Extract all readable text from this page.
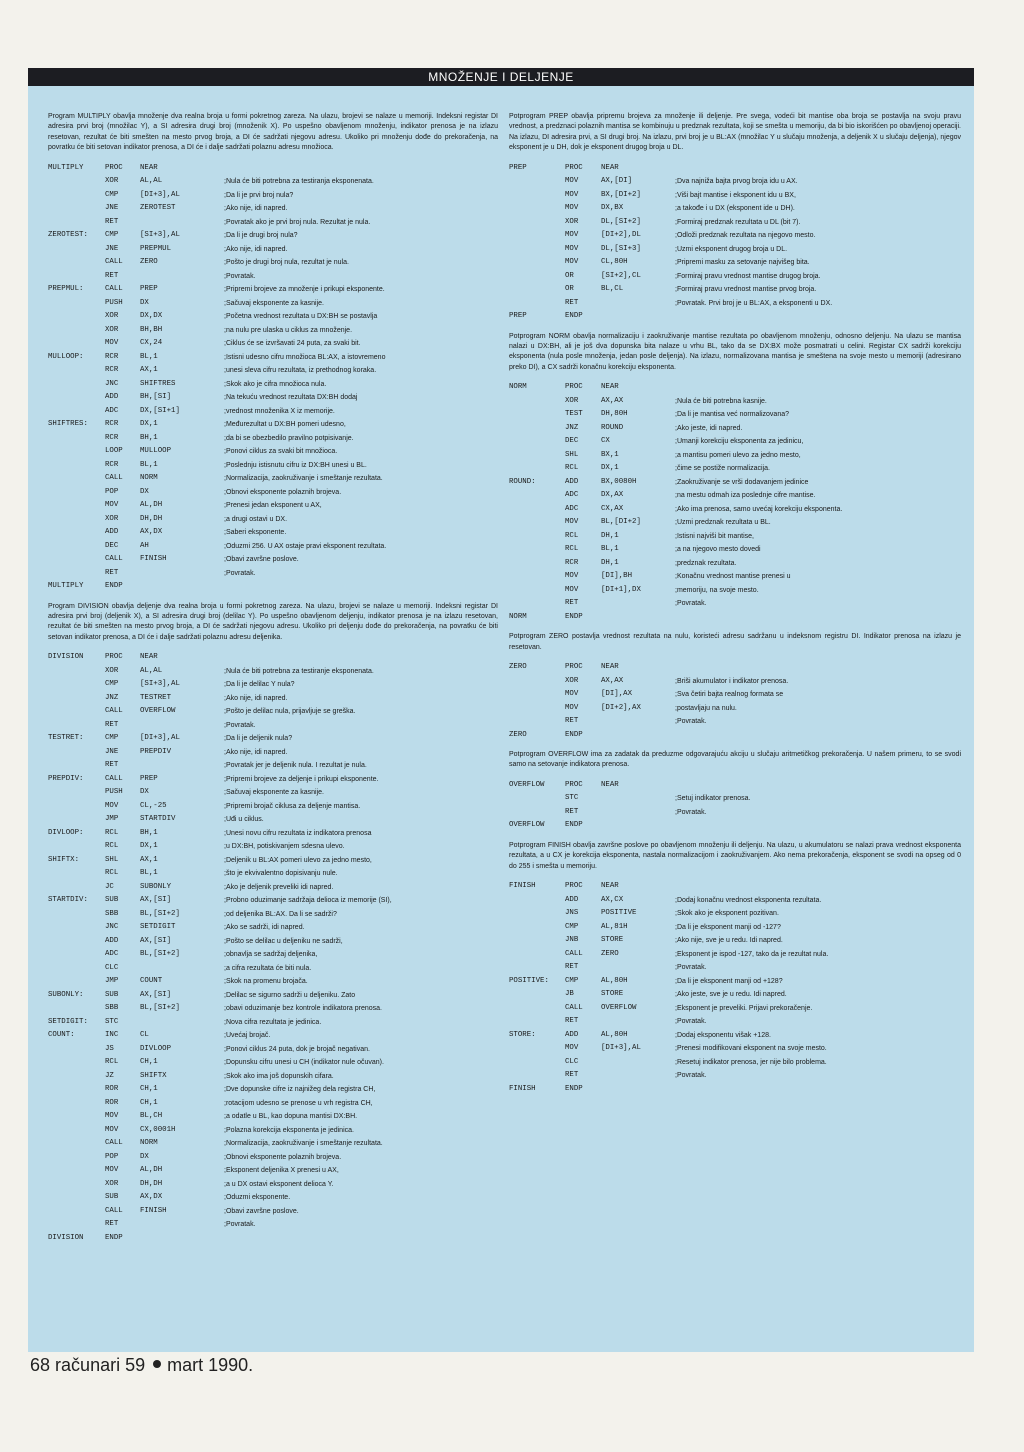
MNOŽENJE I DELJENJE

Program MULTIPLY obavlja množenje dva realna broja u formi pokretnog zareza. Na ulazu, brojevi se nalaze u memoriji. Indeksni registar DI adresira prvi broj (množilac Y), a SI adresira drugi broj (množenik X). Po uspešno obavljenom množenju, indikator prenosa je na izlazu resetovan, rezultat će biti smešten na mesto prvog broja, a DI će sadržati njegovu adresu. Ukoliko pri množenju dođe do prekoračenja, na povratku će biti setovan indikator prenosa, a DI će i dalje sadržati polaznu adresu množioca.

MULTIPLY	PROC NEAR
XOR	AL,AL	;Nula će biti potrebna za testiranja eksponenata.
CMP	[DI+3],AL	;Da li je prvi broj nula?
JNE	ZEROTEST	;Ako nije, idi napred.
RET	;Povratak ako je prvi broj nula. Rezultat je nula.
ZEROTEST: CMP	[SI+3],AL	;Da li je drugi broj nula?
JNE	PREPMUL	;Ako nije, idi napred.
CALL ZERO	;Pošto je drugi broj nula, rezultat je nula.
RET	;Povratak.
PREPMUL:	CALL PREP	;Pripremi brojeve za množenje i prikupi eksponente.
PUSH DX	;Sačuvaj eksponente za kasnije.
XOR	DX,DX	;Početna vrednost rezultata u DX:BH se postavlja
XOR	BH,BH	;na nulu pre ulaska u ciklus za množenje.
MOV	CX,24	;Ciklus će se izvršavati 24 puta, za svaki bit.
MULLOOP:	RCR	BL,1	;Istisni udesno cifru množioca BL:AX, a istovremeno
RCR	AX,1	;unesi sleva cifru rezultata, iz prethodnog koraka.
JNC	SHIFTRES	;Skok ako je cifra množioca nula.
ADD	BH,[SI]	;Na tekuću vrednost rezultata DX:BH dodaj
ADC	DX,[SI+1]	;vrednost množenika X iz memorije.
SHIFTRES: RCR	DX,1	;Međurezultat u DX:BH pomeri udesno,
RCR	BH,1	;da bi se obezbedilo pravilno potpisivanje.
LOOP MULLOOP	;Ponovi ciklus za svaki bit množioca.
RCR	BL,1	;Poslednju istisnutu cifru iz DX:BH unesi u BL.
CALL NORM	;Normalizacija, zaokruživanje i smeštanje rezultata.
POP	DX	;Obnovi eksponente polaznih brojeva.
MOV	AL,DH	;Prenesi jedan eksponent u AX,
XOR	DH,DH	;a drugi ostavi u DX.
ADD	AX,DX	;Saberi eksponente.
DEC	AH	;Oduzmi 256. U AX ostaje pravi eksponent rezultata.
CALL FINISH	;Obavi završne poslove.
RET	;Povratak.
MULTIPLY	ENDP

Program DIVISION obavlja deljenje dva realna broja u formi pokretnog zareza. Na ulazu, brojevi se nalaze u memoriji. Indeksni registar DI adresira prvi broj (deljenik X), a SI adresira drugi broj (delilac Y). Po uspešno obavljenom deljenju, indikator prenosa je na izlazu resetovan, rezultat će biti smešten na mesto prvog broja, a DI će sadržati njegovu adresu. Ukoliko pri deljenju dođe do prekoračenja, na povratku će biti setovan indikator prenosa, a DI će i dalje sadržati polaznu adresu deljenika.

DIVISION	PROC NEAR
XOR	AL,AL	;Nula će biti potrebna za testiranje eksponenata.
CMP	[SI+3],AL	;Da li je delilac Y nula?
JNZ	TESTRET	;Ako nije, idi napred.
CALL OVERFLOW	;Pošto je delilac nula, prijavljuje se greška.
RET	;Povratak.
TESTRET:	CMP	[DI+3],AL	;Da li je deljenik nula?
JNE	PREPDIV	;Ako nije, idi napred.
RET	;Povratak jer je deljenik nula. I rezultat je nula.
PREPDIV:	CALL PREP	;Pripremi brojeve za deljenje i prikupi eksponente.
PUSH DX	;Sačuvaj eksponente za kasnije.
MOV	CL,-25	;Pripremi brojač ciklusa za deljenje mantisa.
JMP	STARTDIV	;Uđi u ciklus.
DIVLOOP:	RCL	BH,1	;Unesi novu cifru rezultata iz indikatora prenosa
RCL	DX,1	;u DX:BH, potiskivanjem sdesna ulevo.
SHIFTX:	SHL	AX,1	;Deljenik u BL:AX pomeri ulevo za jedno mesto,
RCL	BL,1	;što je ekvivalentno dopisivanju nule.
JC	SUBONLY	;Ako je deljenik preveliki idi napred.
STARTDIV: SUB	AX,[SI]	;Probno oduzimanje sadržaja delioca iz memorije (SI),
SBB	BL,[SI+2]	;od deljenika BL:AX. Da li se sadrži?
JNC	SETDIGIT	;Ako se sadrži, idi napred.
ADD	AX,[SI]	;Pošto se delilac u deljeniku ne sadrži,
ADC	BL,[SI+2]	;obnavlja se sadržaj deljenika,
CLC	;a cifra rezultata će biti nula.
JMP	COUNT	;Skok na promenu brojača.
SUBONLY:	SUB	AX,[SI]	;Delilac se sigurno sadrži u deljeniku. Zato
SBB	BL,[SI+2]	;obavi oduzimanje bez kontrole indikatora prenosa.
SETDIGIT: STC	;Nova cifra rezultata je jedinica.
COUNT:	INC	CL	;Uvećaj brojač.
JS	DIVLOOP	;Ponovi ciklus 24 puta, dok je brojač negativan.
RCL	CH,1	;Dopunsku cifru unesi u CH (indikator nule očuvan).
JZ	SHIFTX	;Skok ako ima još dopunskih cifara.
ROR	CH,1	;Dve dopunske cifre iz najnižeg dela registra CH,
ROR	CH,1	;rotacijom udesno se prenose u vrh registra CH,
MOV	BL,CH	;a odatle u BL, kao dopuna mantisi DX:BH.
MOV	CX,0001H	;Polazna korekcija eksponenta je jedinica.
CALL NORM	;Normalizacija, zaokruživanje i smeštanje rezultata.
POP	DX	;Obnovi eksponente polaznih brojeva.
MOV	AL,DH	;Eksponent deljenika X prenesi u AX,
XOR	DH,DH	;a u DX ostavi eksponent delioca Y.
SUB	AX,DX	;Oduzmi eksponente.
CALL FINISH	;Obavi završne poslove.
RET	;Povratak.
DIVISION	ENDP

Potprogram PREP obavlja pripremu brojeva za množenje ili deljenje. Pre svega, vodeći bit mantise oba broja se postavlja na svoju pravu vrednost, a predznaci polaznih mantisa se kombinuju u predznak rezultata, koji se smešta u memoriju, da bi bio iskorišćen po obavljenoj operaciji. Na izlazu, DI adresira prvi, a SI drugi broj. Na izlazu, prvi broj je u BL:AX (množilac Y u slučaju množenja, a deljenik X u slučaju deljenja), njegov eksponent je u DH, dok je eksponent drugog broja u DL.

PREP	PROC NEAR
MOV	AX,[DI]	;Dva najniža bajta prvog broja idu u AX.
MOV	BX,[DI+2]	;Viši bajt mantise i eksponent idu u BX,
MOV	DX,BX	;a takođe i u DX (eksponent ide u DH).
XOR	DL,[SI+2]	;Formiraj predznak rezultata u DL (bit 7).
MOV	[DI+2],DL	;Odloži predznak rezultata na njegovo mesto.
MOV	DL,[SI+3]	;Uzmi eksponent drugog broja u DL.
MOV	CL,80H	;Pripremi masku za setovanje najvišeg bita.
OR	[SI+2],CL	;Formiraj pravu vrednost mantise drugog broja.
OR	BL,CL	;Formiraj pravu vrednost mantise prvog broja.
RET	;Povratak. Prvi broj je u BL:AX, a eksponenti u DX.
PREP	ENDP

Potprogram NORM obavlja normalizaciju i zaokruživanje mantise rezultata po obavljenom množenju, odnosno deljenju. Na ulazu se mantisa nalazi u DX:BH, ali je još dva dopunska bita nalaze u vrhu BL, tako da se DX:BX može posmatrati u celini. Registar CX sadrži korekciju eksponenta (nula posle množenja, jedan posle deljenja). Na izlazu, normalizovana mantisa je smeštena na svoje mesto u memoriji (adresirano preko DI), a CX sadrži konačnu korekciju eksponenta.

NORM	PROC NEAR
XOR	AX,AX	;Nula će biti potrebna kasnije.
TEST DH,80H	;Da li je mantisa već normalizovana?
JNZ	ROUND	;Ako jeste, idi napred.
DEC	CX	;Umanji korekciju eksponenta za jedinicu,
SHL	BX,1	;a mantisu pomeri ulevo za jedno mesto,
RCL	DX,1	;čime se postiže normalizacija.
ROUND:	ADD	BX,0080H	;Zaokruživanje se vrši dodavanjem jedinice
ADC	DX,AX	;na mestu odmah iza poslednje cifre mantise.
ADC	CX,AX	;Ako ima prenosa, samo uvećaj korekciju eksponenta.
MOV	BL,[DI+2]	;Uzmi predznak rezultata u BL.
RCL	DH,1	;Istisni najviši bit mantise,
RCL	BL,1	;a na njegovo mesto dovedi
RCR	DH,1	;predznak rezultata.
MOV	[DI],BH	;Konačnu vrednost mantise prenesi u
MOV	[DI+1],DX	;memoriju, na svoje mesto.
RET	;Povratak.
NORM	ENDP

Potprogram ZERO postavlja vrednost rezultata na nulu, koristeći adresu sadržanu u indeksnom registru DI. Indikator prenosa na izlazu je resetovan.

ZERO	PROC NEAR
XOR	AX,AX	;Briši akumulator i indikator prenosa.
MOV	[DI],AX	;Sva četiri bajta realnog formata se
MOV	[DI+2],AX	;postavljaju na nulu.
RET	;Povratak.
ZERO	ENDP

Potprogram OVERFLOW ima za zadatak da preduzme odgovarajuću akciju u slučaju aritmetičkog prekoračenja. U našem primeru, to se svodi samo na setovanje indikatora prenosa.

OVERFLOW	PROC NEAR
STC	;Setuj indikator prenosa.
RET	;Povratak.
OVERFLOW	ENDP

Potprogram FINISH obavlja završne poslove po obavljenom množenju ili deljenju. Na ulazu, u akumulatoru se nalazi prava vrednost eksponenta rezultata, a u CX je korekcija eksponenta, nastala normalizacijom i zaokruživanjem. Ako nema prekoračenja, eksponent se svodi na opseg od 0 do 255 i smešta u memoriju.

FINISH	PROC NEAR
ADD	AX,CX	;Dodaj konačnu vrednost eksponenta rezultata.
JNS	POSITIVE	;Skok ako je eksponent pozitivan.
CMP	AL,81H	;Da li je eksponent manji od -127?
JNB	STORE	;Ako nije, sve je u redu. Idi napred.
CALL ZERO	;Eksponent je ispod -127, tako da je rezultat nula.
RET	;Povratak.
POSITIVE: CMP	AL,80H	;Da li je eksponent manji od +128?
JB	STORE	;Ako jeste, sve je u redu. Idi napred.
CALL OVERFLOW	;Eksponent je preveliki. Prijavi prekoračenje.
RET	;Povratak.
STORE:	ADD	AL,80H	;Dodaj eksponentu višak +128.
MOV	[DI+3],AL	;Prenesi modifikovani eksponent na svoje mesto.
CLC	;Resetuj indikator prenosa, jer nije bilo problema.
RET	;Povratak.
FINISH	ENDP
68 računari 59 mart 1990.
